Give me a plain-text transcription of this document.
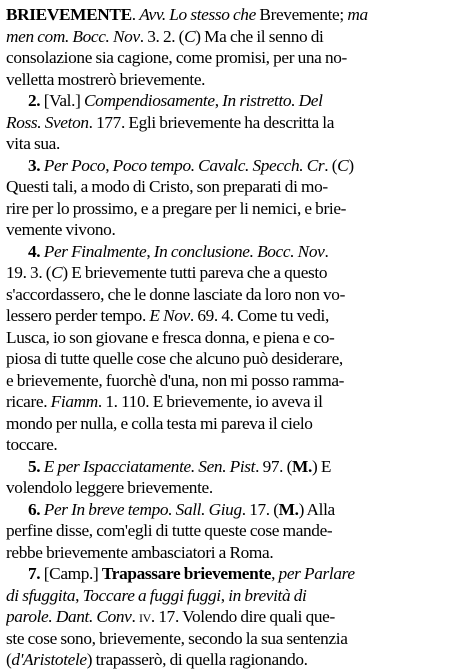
BRIEVEMENTE. Avv. Lo stesso che Brevemente; ma
men com. Bocc. Nov. 3. 2. (C) Ma che il senno di
consolazione sia cagione, come promisi, per una no-
velletta mostrerò brievemente.
2. [Val.] Compendiosamente, In ristretto. Del
Ross. Sveton. 177. Egli brievemente ha descritta la
vita sua.
3. Per Poco, Poco tempo. Cavalc. Specch. Cr. (C)
Questi tali, a modo di Cristo, son preparati di mo-
rire per lo prossimo, e a pregare per li nemici, e brie-
vemente vivono.
4. Per Finalmente, In conclusione. Bocc. Nov.
19. 3. (C) E brievemente tutti pareva che a questo
s'accordassero, che le donne lasciate da loro non vo-
lessero perder tempo. E Nov. 69. 4. Come tu vedi,
Lusca, io son giovane e fresca donna, e piena e co-
piosa di tutte quelle cose che alcuno può desiderare,
e brievemente, fuorchè d'una, non mi posso ramma-
ricare. Fiamm. 1. 110. E brievemente, io aveva il
mondo per nulla, e colla testa mi pareva il cielo
toccare.
5. E per Ispacciatamente. Sen. Pist. 97. (M.) E
volendolo leggere brievemente.
6. Per In breve tempo. Sall. Giug. 17. (M.) Alla
perfine disse, com'egli di tutte queste cose mande-
rebbe brievemente ambasciatori a Roma.
7. [Camp.] Trapassare brievemente, per Parlare
di sfuggita, Toccare a fuggi fuggi, in brevità di
parole. Dant. Conv. iv. 17. Volendo dire quali que-
ste cose sono, brievemente, secondo la sua sentenzia
(d'Aristotele) trapasserò, di quella ragionando.
